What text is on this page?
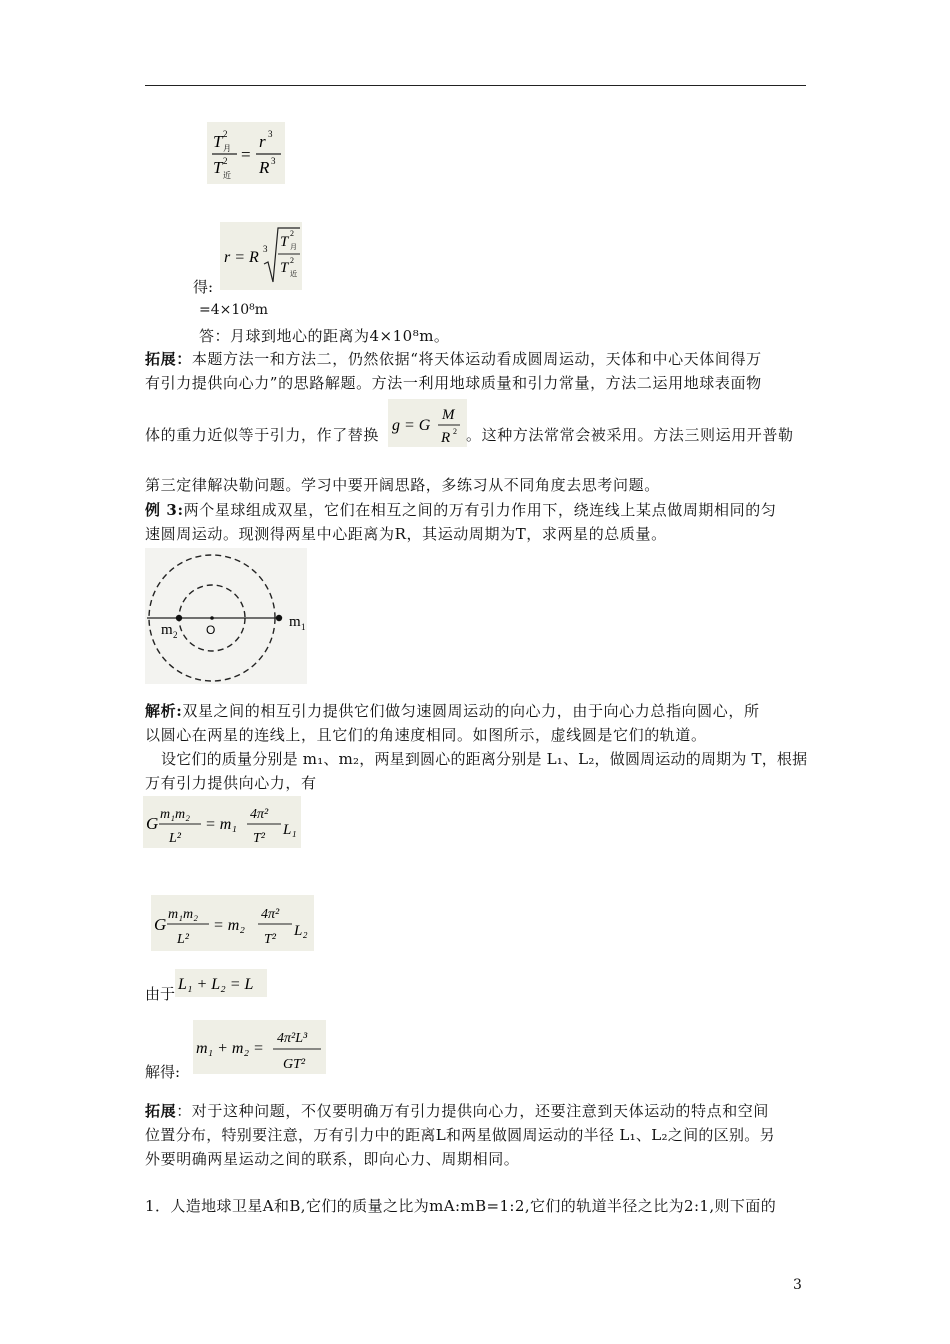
T 2
月
T 2
近
=
r 3
R 3
得:
r = R 3 T
2
月
T 2
近
=4×10⁸m
答：月球到地心的距离为4×10⁸m。
拓展：本题方法一和方法二，仍然依据“将天体运动看成圆周运动，天体和中心天体间得万
有引力提供向心力”的思路解题。方法一利用地球质量和引力常量，方法二运用地球表面物
体的重力近似等于引力，作了替换
g = G
M
R 2 。这种方法常常会被采用。方法三则运用开普勒
第三定律解决勒问题。学习中要开阔思路，多练习从不同角度去思考问题。
例 3:两个星球组成双星，它们在相互之间的万有引力作用下，绕连线上某点做周期相同的匀
速圆周运动。现测得两星中心距离为R，其运动周期为T，求两星的总质量。
m 1
m 2 O
解析:双星之间的相互引力提供它们做匀速圆周运动的向心力，由于向心力总指向圆心，所
以圆心在两星的连线上，且它们的角速度相同。如图所示，虚线圆是它们的轨道。
设它们的质量分别是 m₁、m₂，两星到圆心的距离分别是 L₁、L₂，做圆周运动的周期为 T，根据
万有引力提供向心力，有
G m₁m₂
L²
= m₁
4π²
T²
L₁
G
m₁m₂
L²
= m₂
4π²
T²
L₂
由于
L₁ + L₂ = L
解得:
m₁ + m₂ =
4π²L³
GT²
拓展：对于这种问题，不仅要明确万有引力提供向心力，还要注意到天体运动的特点和空间
位置分布，特别要注意，万有引力中的距离L和两星做圆周运动的半径 L₁、L₂之间的区别。另
外要明确两星运动之间的联系，即向心力、周期相同。
1．人造地球卫星A和B,它们的质量之比为mA:mB=1:2,它们的轨道半径之比为2:1,则下面的
3
